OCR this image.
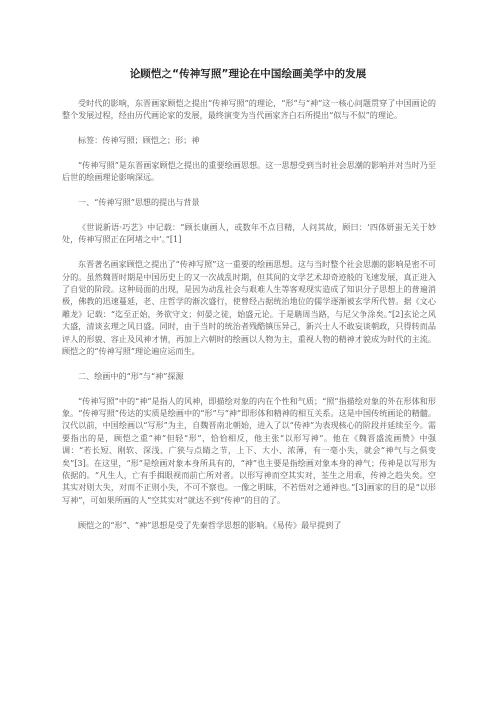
论顾恺之“传神写照”理论在中国绘画美学中的发展

受时代的影响，东晋画家顾恺之提出“传神写照”的理论，“形”与“神”这一核心问题贯穿了中国画论的整个发展过程，经由历代画论家的发展，最终演变为当代画家齐白石所提出“似与不似”的理论。

标签：传神写照；顾恺之；形；神

“传神写照”是东晋画家顾恺之提出的重要绘画思想。这一思想受到当时社会思潮的影响并对当时乃至后世的绘画理论影响深远。

一、“传神写照”思想的提出与背景

《世说新语·巧艺》中记载：“顾长康画人，或数年不点目精，人问其故，顾曰：‘四体妍蚩无关于妙处，传神写照正在阿堵之中’。”[1]

东晋著名画家顾恺之提出了“传神写照”这一重要的绘画思想。这与当时整个社会思潮的影响是密不可分的。虽然魏晋时期是中国历史上的又一次战乱时期，但其间的文学艺术却奇迹般的飞速发展，真正进入了自觉的阶段。这种局面的出现，是因为动乱社会与艰难人生等客观现实造成了知识分子思想上的普遍消极，佛教的迅速蔓延，老、庄哲学的渐次盛行，使曾经占据统治地位的儒学逐渐被玄学所代替。据《文心雕龙》记载：“迄至正始，务欲守文；何晏之徒，始盛元论。于是聃周当路，与尼父争涂矣。”[2]玄论之风大盛，清谈玄理之风日盛。同时，由于当时的统治者残酷镇压异己，新兴士人不敢妄谈朝政，只得转而品评人的形貌、容止及风神才情，再加上六朝时的绘画以人物为主，重视人物的精神才貌成为时代的主流。顾恺之的“传神写照”理论遍应运而生。

二、绘画中的“形”与“神”探源

“传神写照”中的“神”是指人的风神，即描绘对象的内在个性和气质；“照”指描绘对象的外在形体和形象。“传神写照”传达的实质是绘画中的“形”与“神”即形体和精神的相互关系。这是中国传统画论的精髓。汉代以前，中国绘画以“写形”为主，自魏晋南北朝始，进入了以“传神”为表现核心的阶段并延续至今。需要指出的是，顾恺之重“神”但轻“形”，恰恰相反，他主张“以形写神”。他在《魏晋盛流画赞》中强调：“若长短、刚软、深浅、广狭与点睛之节，上下、大小、浓薄，有一毫小失，就会“神气与之俱变矣”[3]。在这里，“形”是绘画对象本身所具有的，“神”也主要是指绘画对象本身的神气；传神是以写形为依据的。“凡生人，亡有手揖眼视而前亡所对者。以形写神而空其实对，荃生之用乖，传神之趋失矣。空其实对则大失，对而不正则小失，不可不察也。一像之明昧，不若悟对之通神也。”[3]画家的目的是“以形写神”，可如果所画的人“空其实对”就达不到“传神”的目的了。

顾恺之的“形”、“神”思想是受了先秦哲学思想的影响。《易传》最早提到了
